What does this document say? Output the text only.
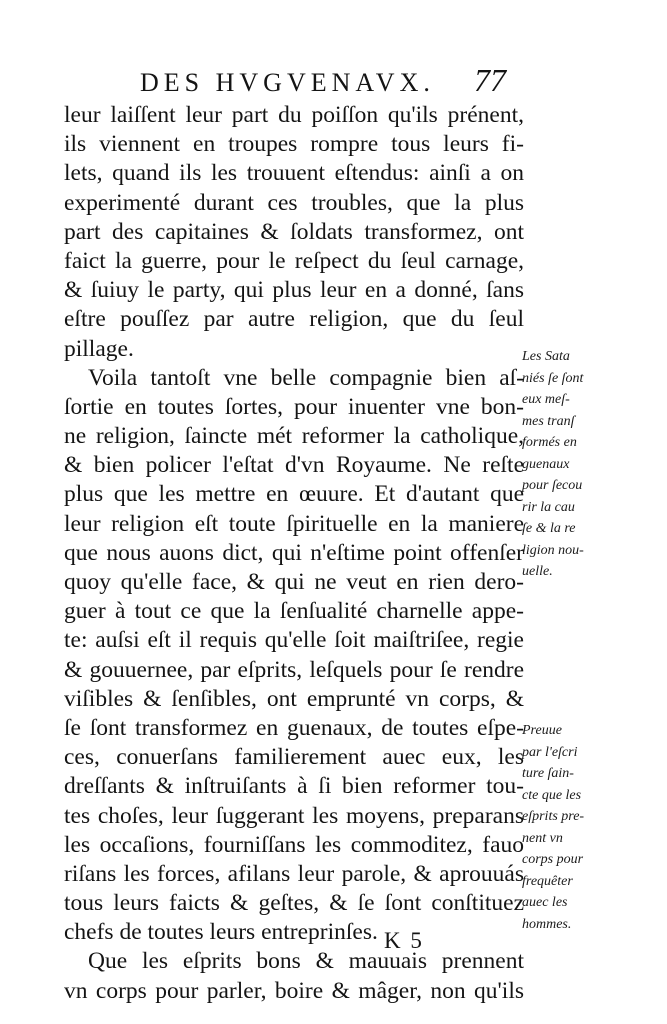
DES HVGVENAVX. 77
leur laiſſent leur part du poiſſon qu'ils prénent,
ils viennent en troupes rompre tous leurs fi-
lets, quand ils les trouuent eſtendus: ainſi a on
experimenté durant ces troubles, que la plus
part des capitaines & ſoldats transformez, ont
faict la guerre, pour le reſpect du ſeul carnage,
& ſuiuy le party, qui plus leur en a donné, ſans
eſtre pouſſez par autre religion, que du ſeul
pillage.
Voila tantoſt vne belle compagnie bien aſ-
ſortie en toutes ſortes, pour inuenter vne bon-
ne religion, ſaincte mét reformer la catholique,
& bien policer l'eſtat d'vn Royaume. Ne reſte
plus que les mettre en œuure. Et d'autant que
leur religion eſt toute ſpirituelle en la maniere
que nous auons dict, qui n'eſtime point offenſer
quoy qu'elle face, & qui ne veut en rien dero-
guer à tout ce que la ſenſualité charnelle appe-
te: auſsi eſt il requis qu'elle ſoit maiſtriſee, regie
& gouuernee, par eſprits, leſquels pour ſe rendre
viſibles & ſenſibles, ont emprunté vn corps, &
ſe ſont transformez en guenaux, de toutes eſpe-
ces, conuerſans familierement auec eux, les
dreſſants & inſtruiſants à ſi bien reformer tou-
tes choſes, leur ſuggerant les moyens, preparans
les occaſions, fourniſſans les commoditez, fauo
riſans les forces, afilans leur parole, & aprouuás
tous leurs faicts & geſtes, & ſe ſont conſtituez
chefs de toutes leurs entreprinſes.
Que les eſprits bons & mauuais prennent
vn corps pour parler, boire & mâger, non qu'ils
Les Sata
niés ſe ſont
eux meſ-
mes tranſ
formés en
guenaux
pour ſecou
rir la cau
ſe & la re
ligion nou-
uelle.
Preuue
par l'eſcri
ture ſain-
cte que les
eſprits pre-
nent vn
corps pour
frequêter
auec les
hommes.
K 5
